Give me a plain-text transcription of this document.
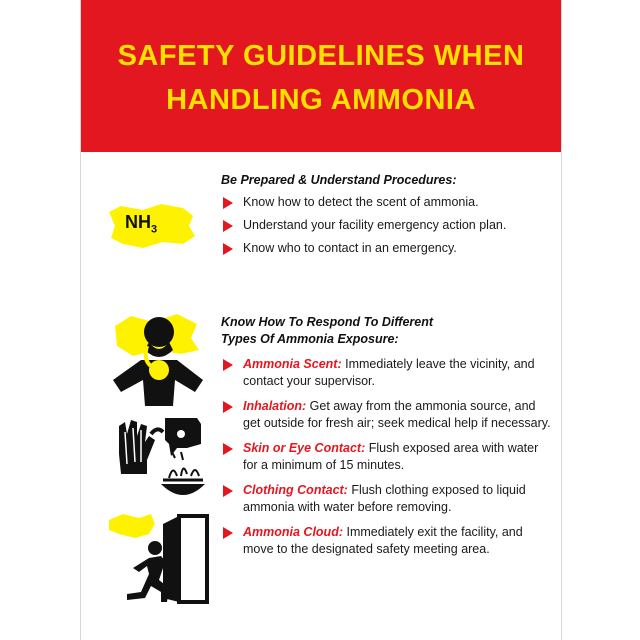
SAFETY GUIDELINES WHEN
HANDLING AMMONIA
$NH_3$
Be Prepared & Understand Procedures:
Know how to detect the scent of ammonia.
Understand your facility emergency action plan.
Know who to contact in an emergency.
Know How To Respond To Different
Types Of Ammonia Exposure:
Ammonia Scent: Immediately leave the vicinity, and contact your supervisor.
Inhalation: Get away from the ammonia source, and get outside for fresh air; seek medical help if necessary.
Skin or Eye Contact: Flush exposed area with water for a minimum of 15 minutes.
Clothing Contact: Flush clothing exposed to liquid ammonia with water before removing.
Ammonia Cloud: Immediately exit the facility, and move to the designated safety meeting area.
